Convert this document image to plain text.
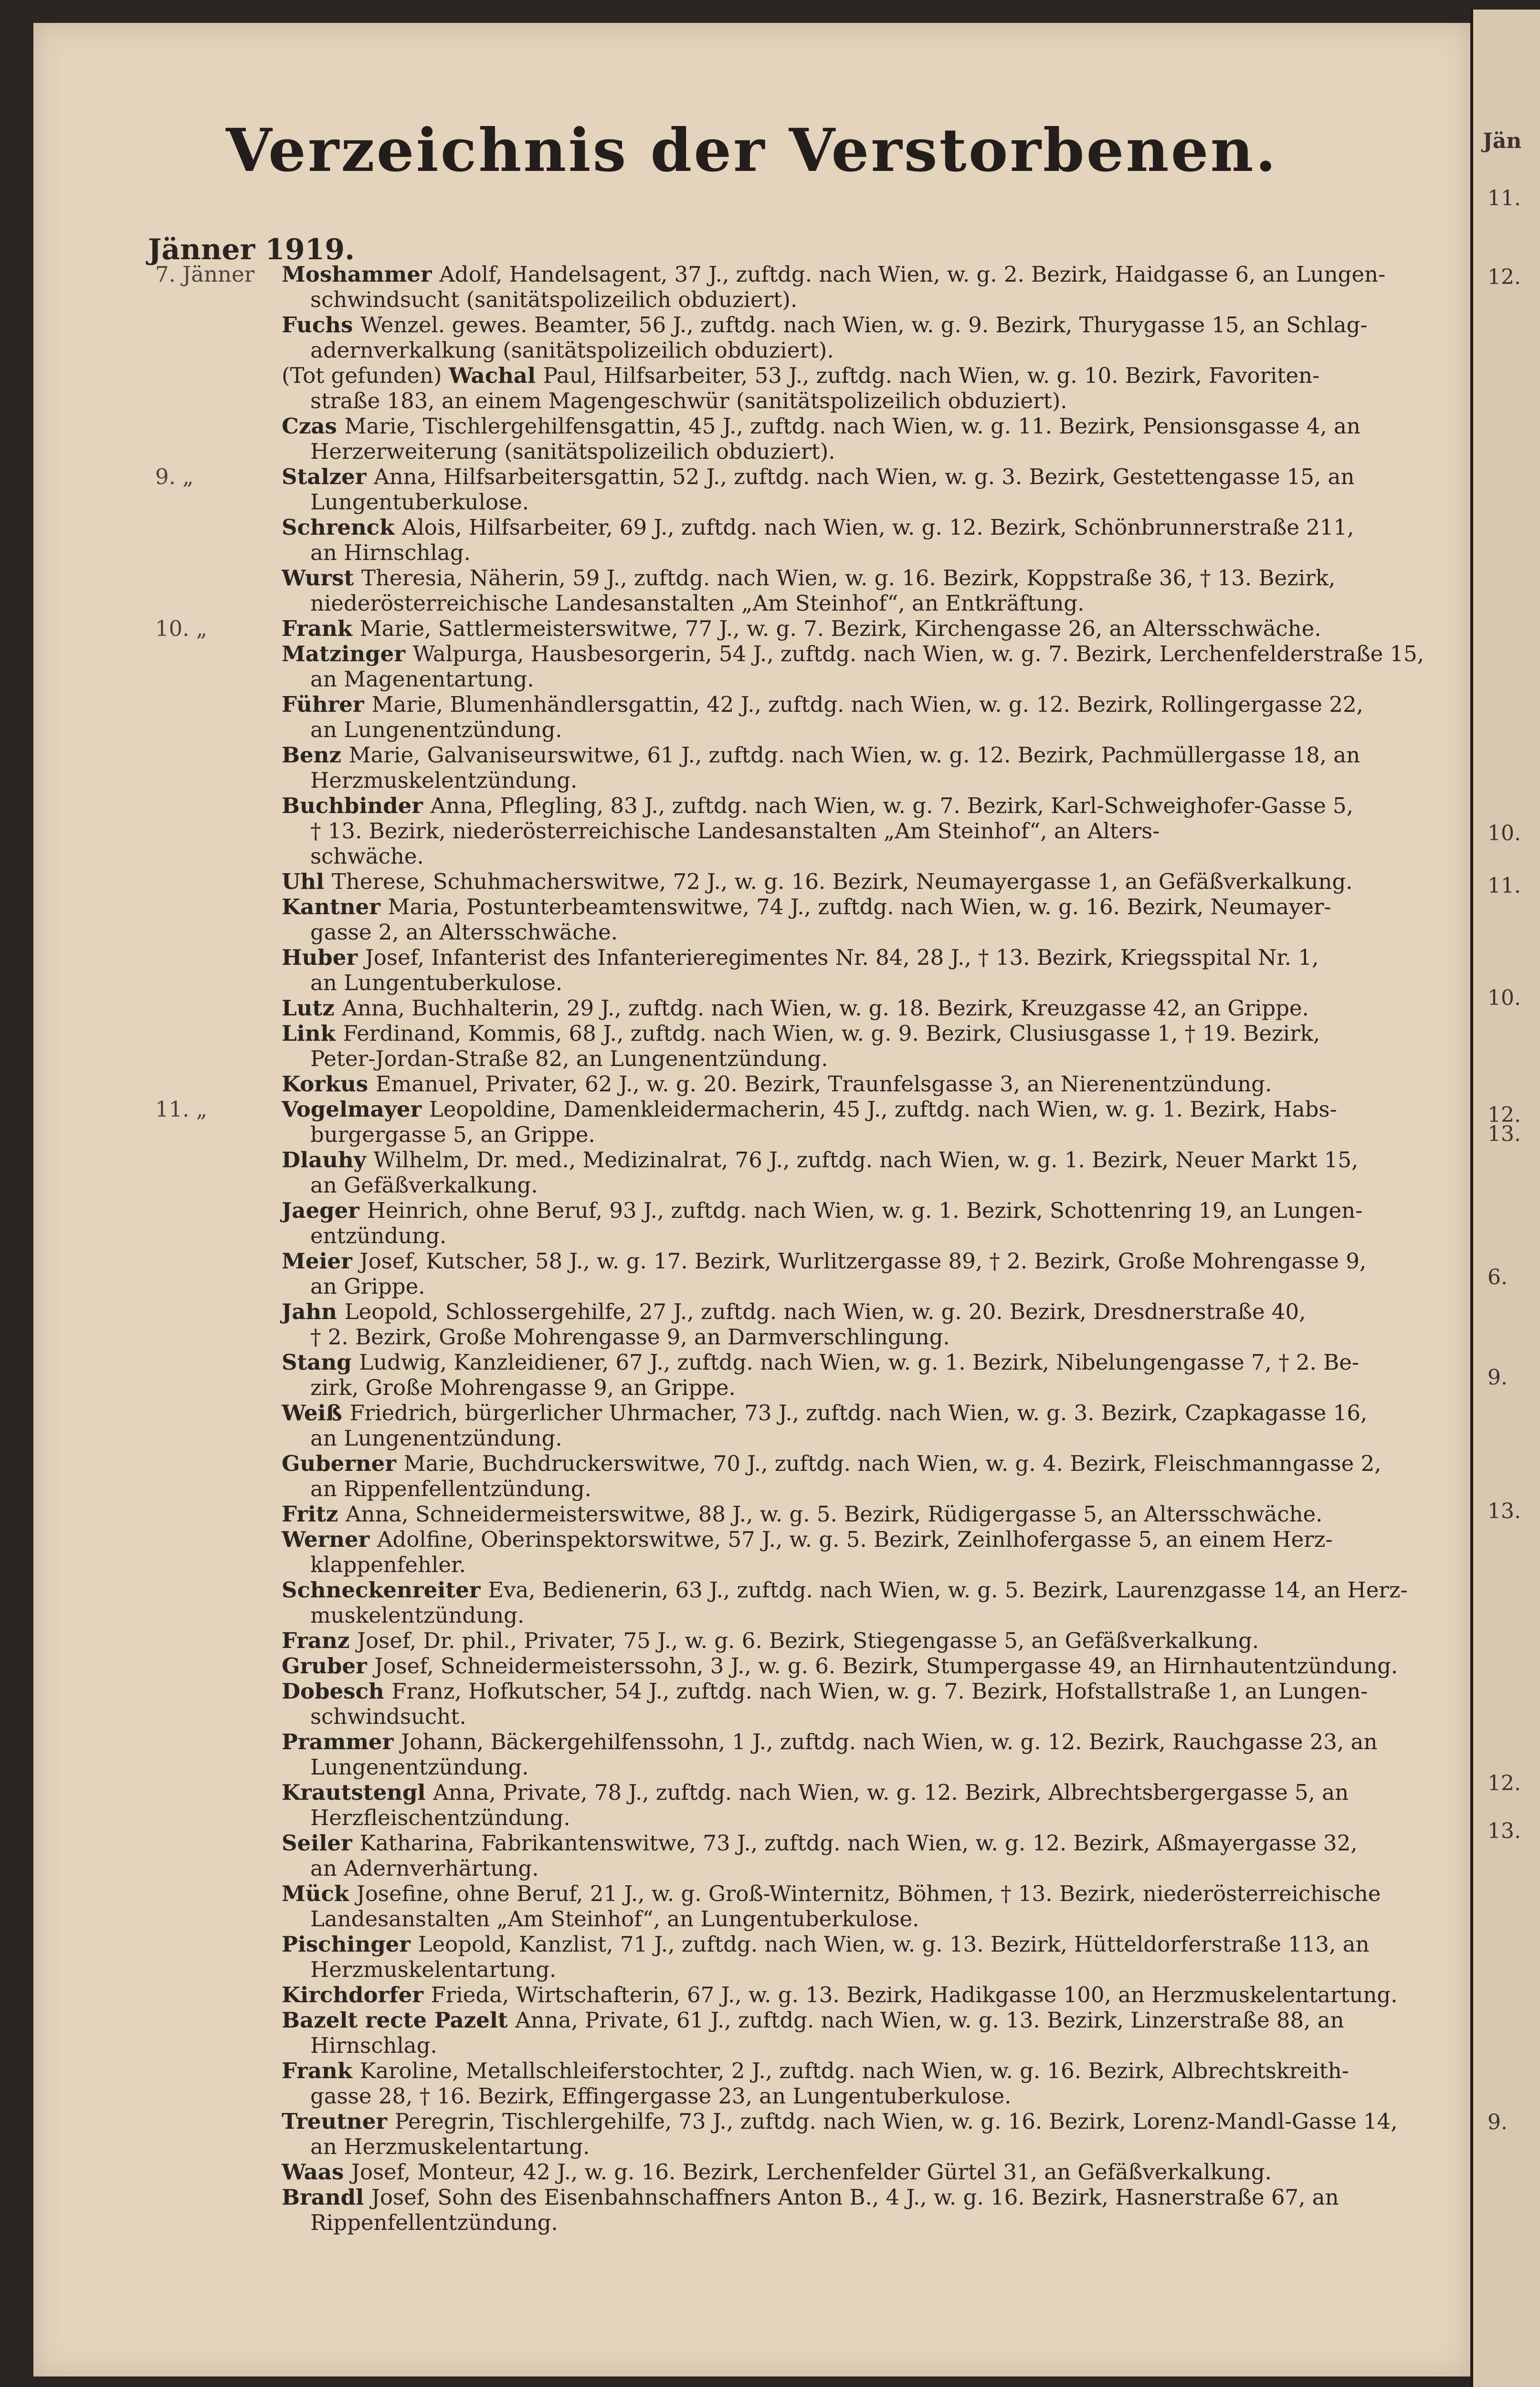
Verzeichnis der Verstorbenen.
Jänner 1919.
7. Jänner	Moshammer Adolf, Handelsagent, 37 J., zuftdg. nach Wien, w. g. 2. Bezirk, Haidgasse 6, an Lungen-
schwindsucht (sanitätspolizeilich obduziert).
Fuchs Wenzel. gewes. Beamter, 56 J., zuftdg. nach Wien, w. g. 9. Bezirk, Thurygasse 15, an Schlag-
adernverkalkung (sanitätspolizeilich obduziert).
(Tot gefunden) Wachal Paul, Hilfsarbeiter, 53 J., zuftdg. nach Wien, w. g. 10. Bezirk, Favoriten-
straße 183, an einem Magengeschwür (sanitätspolizeilich obduziert).
Czas Marie, Tischlergehilfensgattin, 45 J., zuftdg. nach Wien, w. g. 11. Bezirk, Pensionsgasse 4, an
Herzerweiterung (sanitätspolizeilich obduziert).
9. „	Stalzer Anna, Hilfsarbeitersgattin, 52 J., zuftdg. nach Wien, w. g. 3. Bezirk, Gestettengasse 15, an
Lungentuberkulose.
Schrenck Alois, Hilfsarbeiter, 69 J., zuftdg. nach Wien, w. g. 12. Bezirk, Schönbrunnerstraße 211,
an Hirnschlag.
Wurst Theresia, Näherin, 59 J., zuftdg. nach Wien, w. g. 16. Bezirk, Koppstraße 36, † 13. Bezirk,
niederösterreichische Landesanstalten „Am Steinhof“, an Entkräftung.
10. „	Frank Marie, Sattlermeisterswitwe, 77 J., w. g. 7. Bezirk, Kirchengasse 26, an Altersschwäche.
Matzinger Walpurga, Hausbesorgerin, 54 J., zuftdg. nach Wien, w. g. 7. Bezirk, Lerchenfelderstraße 15,
an Magenentartung.
Führer Marie, Blumenhändlersgattin, 42 J., zuftdg. nach Wien, w. g. 12. Bezirk, Rollingergasse 22,
an Lungenentzündung.
Benz Marie, Galvaniseurswitwe, 61 J., zuftdg. nach Wien, w. g. 12. Bezirk, Pachmüllergasse 18, an
Herzmuskelentzündung.
Buchbinder Anna, Pflegling, 83 J., zuftdg. nach Wien, w. g. 7. Bezirk, Karl-Schweighofer-Gasse 5,
† 13. Bezirk, niederösterreichische Landesanstalten „Am Steinhof“, an Alters-
schwäche.
Uhl Therese, Schuhmacherswitwe, 72 J., w. g. 16. Bezirk, Neumayergasse 1, an Gefäßverkalkung.
Kantner Maria, Postunterbeamtenswitwe, 74 J., zuftdg. nach Wien, w. g. 16. Bezirk, Neumayer-
gasse 2, an Altersschwäche.
Huber Josef, Infanterist des Infanterieregimentes Nr. 84, 28 J., † 13. Bezirk, Kriegsspital Nr. 1,
an Lungentuberkulose.
Lutz Anna, Buchhalterin, 29 J., zuftdg. nach Wien, w. g. 18. Bezirk, Kreuzgasse 42, an Grippe.
Link Ferdinand, Kommis, 68 J., zuftdg. nach Wien, w. g. 9. Bezirk, Clusiusgasse 1, † 19. Bezirk,
Peter-Jordan-Straße 82, an Lungenentzündung.
Korkus Emanuel, Privater, 62 J., w. g. 20. Bezirk, Traunfelsgasse 3, an Nierenentzündung.
11. „	Vogelmayer Leopoldine, Damenkleidermacherin, 45 J., zuftdg. nach Wien, w. g. 1. Bezirk, Habs-
burgergasse 5, an Grippe.
Dlauhy Wilhelm, Dr. med., Medizinalrat, 76 J., zuftdg. nach Wien, w. g. 1. Bezirk, Neuer Markt 15,
an Gefäßverkalkung.
Jaeger Heinrich, ohne Beruf, 93 J., zuftdg. nach Wien, w. g. 1. Bezirk, Schottenring 19, an Lungen-
entzündung.
Meier Josef, Kutscher, 58 J., w. g. 17. Bezirk, Wurlitzergasse 89, † 2. Bezirk, Große Mohrengasse 9,
an Grippe.
Jahn Leopold, Schlossergehilfe, 27 J., zuftdg. nach Wien, w. g. 20. Bezirk, Dresdnerstraße 40,
† 2. Bezirk, Große Mohrengasse 9, an Darmverschlingung.
Stang Ludwig, Kanzleidiener, 67 J., zuftdg. nach Wien, w. g. 1. Bezirk, Nibelungengasse 7, † 2. Be-
zirk, Große Mohrengasse 9, an Grippe.
Weiß Friedrich, bürgerlicher Uhrmacher, 73 J., zuftdg. nach Wien, w. g. 3. Bezirk, Czapkagasse 16,
an Lungenentzündung.
Guberner Marie, Buchdruckerswitwe, 70 J., zuftdg. nach Wien, w. g. 4. Bezirk, Fleischmanngasse 2,
an Rippenfellentzündung.
Fritz Anna, Schneidermeisterswitwe, 88 J., w. g. 5. Bezirk, Rüdigergasse 5, an Altersschwäche.
Werner Adolfine, Oberinspektorswitwe, 57 J., w. g. 5. Bezirk, Zeinlhofergasse 5, an einem Herz-
klappenfehler.
Schneckenreiter Eva, Bedienerin, 63 J., zuftdg. nach Wien, w. g. 5. Bezirk, Laurenzgasse 14, an Herz-
muskelentzündung.
Franz Josef, Dr. phil., Privater, 75 J., w. g. 6. Bezirk, Stiegengasse 5, an Gefäßverkalkung.
Gruber Josef, Schneidermeisterssohn, 3 J., w. g. 6. Bezirk, Stumpergasse 49, an Hirnhautentzündung.
Dobesch Franz, Hofkutscher, 54 J., zuftdg. nach Wien, w. g. 7. Bezirk, Hofstallstraße 1, an Lungen-
schwindsucht.
Prammer Johann, Bäckergehilfenssohn, 1 J., zuftdg. nach Wien, w. g. 12. Bezirk, Rauchgasse 23, an
Lungenentzündung.
Krautstengl Anna, Private, 78 J., zuftdg. nach Wien, w. g. 12. Bezirk, Albrechtsbergergasse 5, an
Herzfleischentzündung.
Seiler Katharina, Fabrikantenswitwe, 73 J., zuftdg. nach Wien, w. g. 12. Bezirk, Aßmayergasse 32,
an Adernverhärtung.
Mück Josefine, ohne Beruf, 21 J., w. g. Groß-Winternitz, Böhmen, † 13. Bezirk, niederösterreichische
Landesanstalten „Am Steinhof“, an Lungentuberkulose.
Pischinger Leopold, Kanzlist, 71 J., zuftdg. nach Wien, w. g. 13. Bezirk, Hütteldorferstraße 113, an
Herzmuskelentartung.
Kirchdorfer Frieda, Wirtschafterin, 67 J., w. g. 13. Bezirk, Hadikgasse 100, an Herzmuskelentartung.
Bazelt recte Pazelt Anna, Private, 61 J., zuftdg. nach Wien, w. g. 13. Bezirk, Linzerstraße 88, an
Hirnschlag.
Frank Karoline, Metallschleiferstochter, 2 J., zuftdg. nach Wien, w. g. 16. Bezirk, Albrechtskreith-
gasse 28, † 16. Bezirk, Effingergasse 23, an Lungentuberkulose.
Treutner Peregrin, Tischlergehilfe, 73 J., zuftdg. nach Wien, w. g. 16. Bezirk, Lorenz-Mandl-Gasse 14,
an Herzmuskelentartung.
Waas Josef, Monteur, 42 J., w. g. 16. Bezirk, Lerchenfelder Gürtel 31, an Gefäßverkalkung.
Brandl Josef, Sohn des Eisenbahnschaffners Anton B., 4 J., w. g. 16. Bezirk, Hasnerstraße 67, an
Rippenfellentzündung.
Jän
11.
12.
10.
11.
10.
12.
13.
6.
9.
13.
12.
13.
9.
